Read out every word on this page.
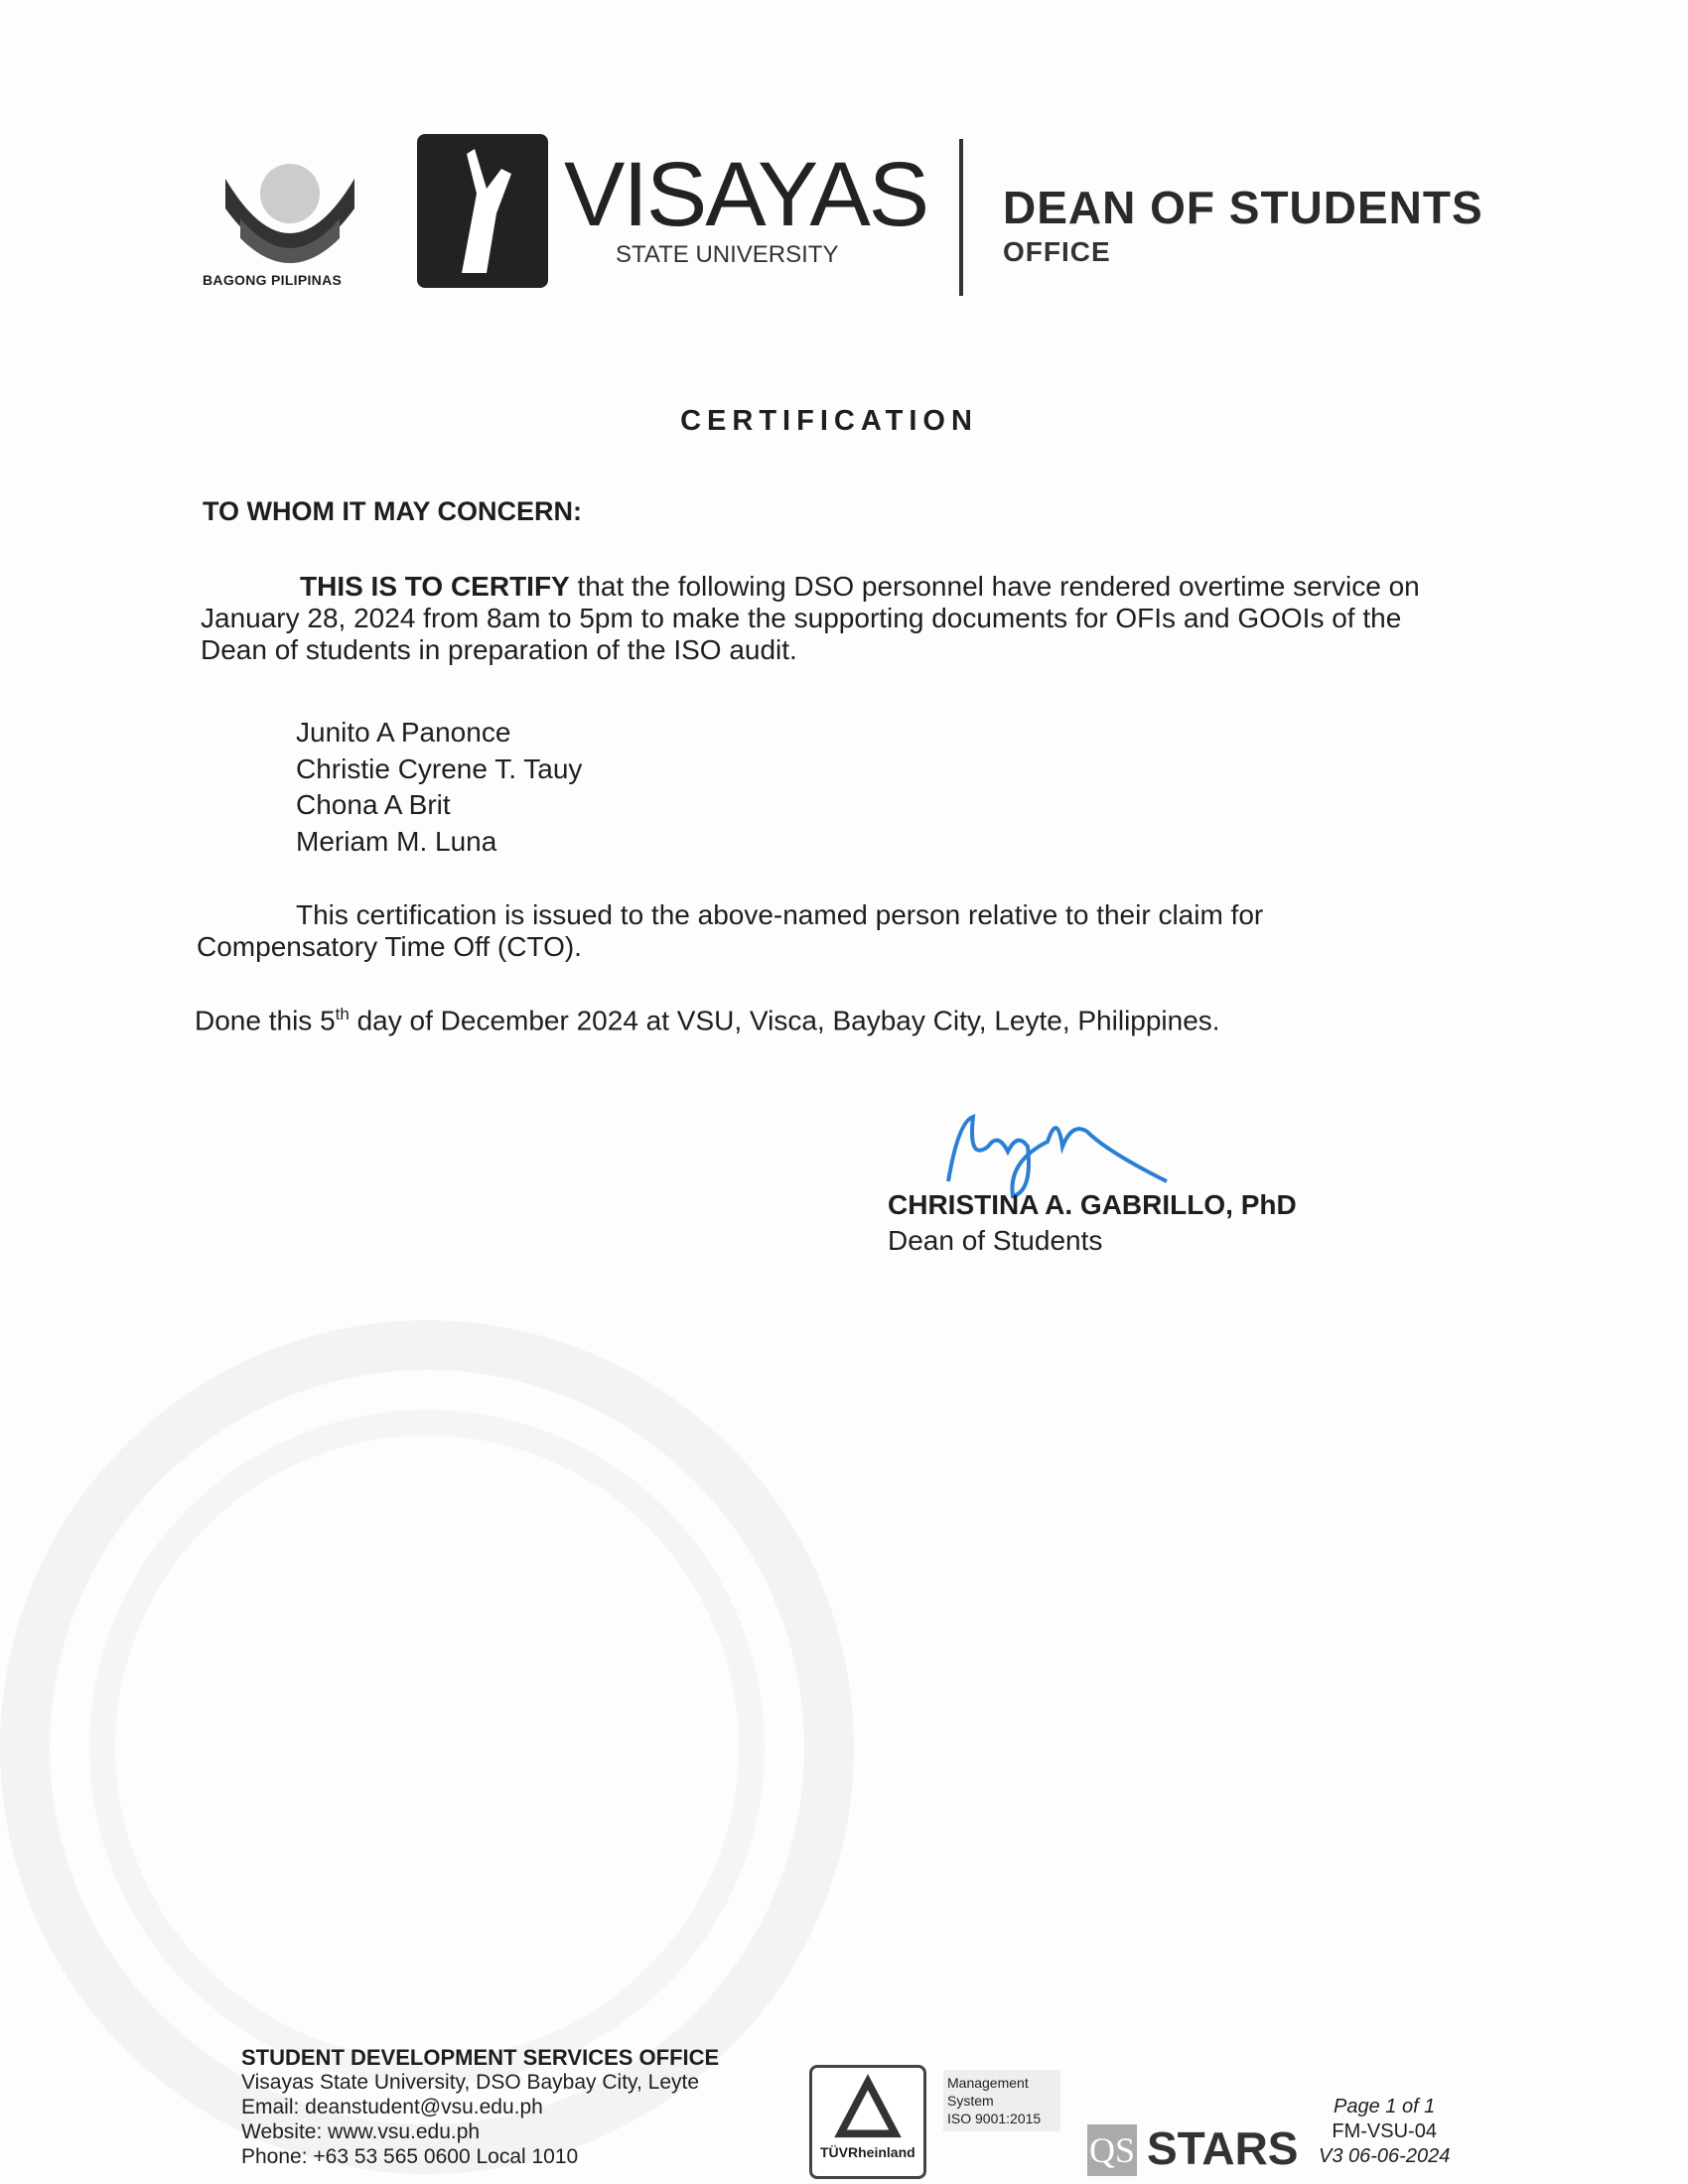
BAGONG PILIPINAS
VISAYAS
STATE UNIVERSITY
DEAN OF STUDENTS
OFFICE
CERTIFICATION
TO WHOM IT MAY CONCERN:
THIS IS TO CERTIFY that the following DSO personnel have rendered overtime service on January 28, 2024 from 8am to 5pm to make the supporting documents for OFIs and GOOIs of the Dean of students in preparation of the ISO audit.
Junito A Panonce
Christie Cyrene T. Tauy
Chona A Brit
Meriam M. Luna
This certification is issued to the above-named person relative to their claim for Compensatory Time Off (CTO).
Done this 5th day of December 2024 at VSU, Visca, Baybay City, Leyte, Philippines.
CHRISTINA A. GABRILLO, PhD
Dean of Students
STUDENT DEVELOPMENT SERVICES OFFICE
Visayas State University, DSO Baybay City, Leyte
Email: deanstudent@vsu.edu.ph
Website: www.vsu.edu.ph
Phone: +63 53 565 0600 Local 1010	TÜVRheinland
Management
System
ISO 9001:2015
QS STARS
Page 1 of 1
FM-VSU-04
V3 06-06-2024
